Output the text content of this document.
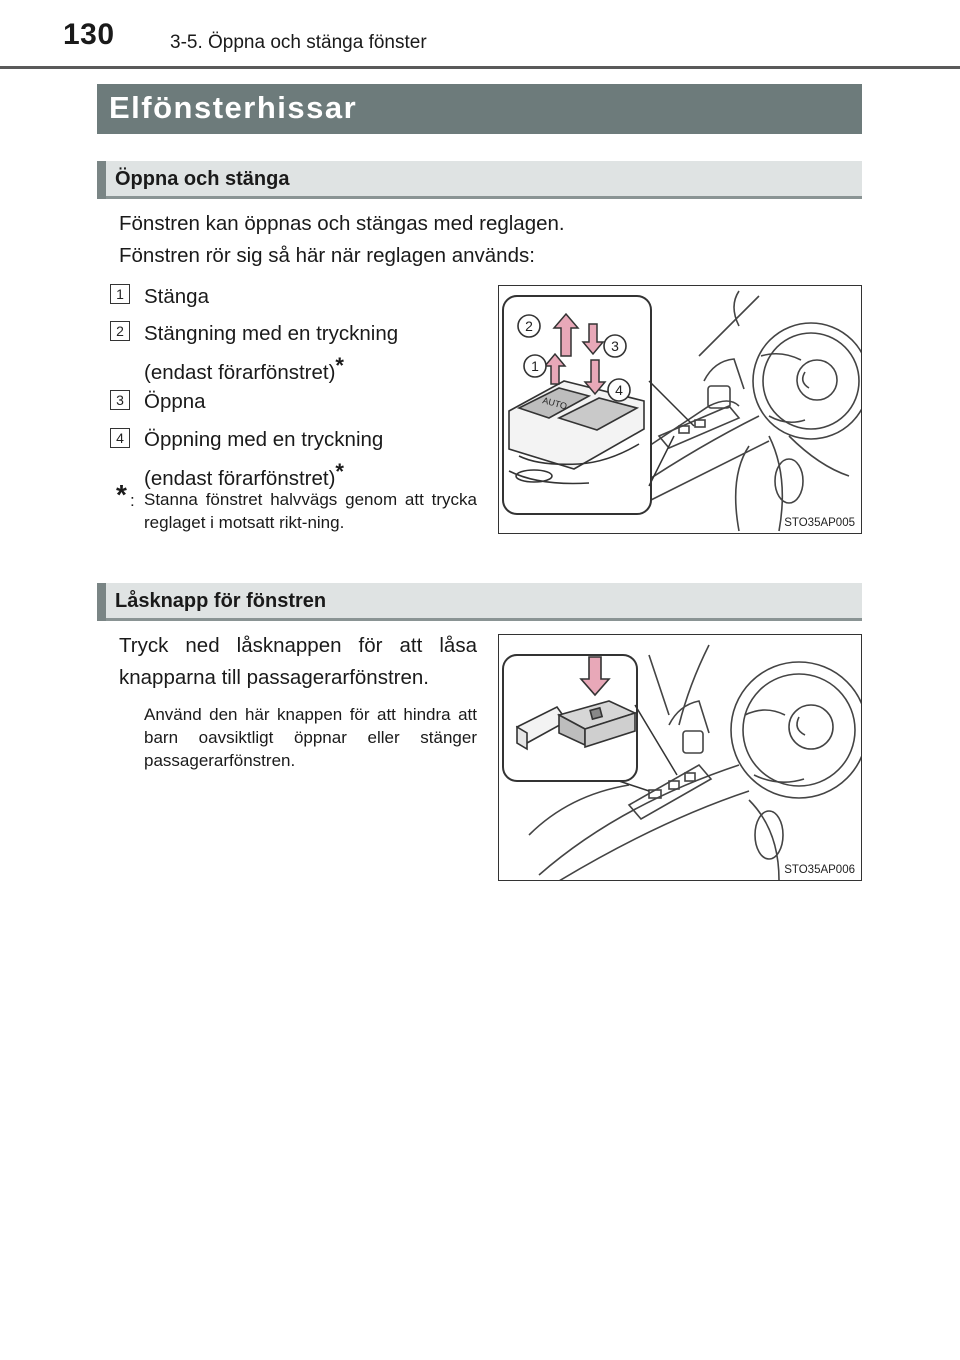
130	3-5. Öppna och stänga fönster
Elfönsterhissar
Öppna och stänga
Fönstren kan öppnas och stängas med reglagen.
Fönstren rör sig så här när reglagen används:
1 Stänga
2 Stängning med en tryckning
(endast förarfönstret)*
3 Öppna
4 Öppning med en tryckning
(endast förarfönstret)*
* : Stanna fönstret halvvägs genom att trycka reglaget i motsatt rikt-ning.
AUTO
2
3
1
4
STO35AP005
Låsknapp för fönstren
Tryck ned låsknappen för att låsa knapparna till passagerarfönstren.
Använd den här knappen för att hindra att barn oavsiktligt öppnar eller stänger passagerarfönstren.
STO35AP006
